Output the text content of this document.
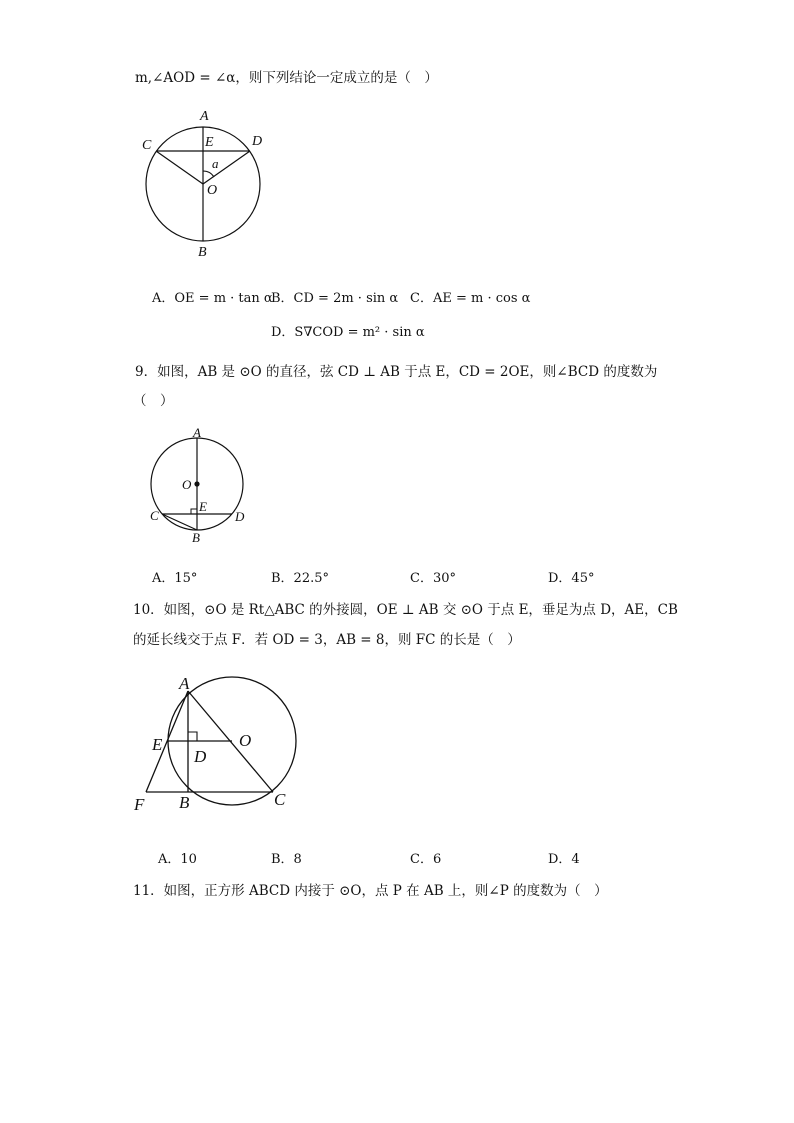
m,∠AOD = ∠α，则下列结论一定成立的是（　）
A
E
C	D
a
O
B
A．OE = m · tan α
B．CD = 2m · sin α C．AE = m · cos α
D．S∇COD = m² · sin α
9．如图，AB 是 ⊙O 的直径，弦 CD ⊥ AB 于点 E，CD = 2OE，则∠BCD 的度数为
（　）
A
O
E
C	D
B
A．15°	B．22.5°	C．30°	D．45°
10．如图，⊙O 是 Rt△ABC 的外接圆，OE ⊥ AB 交 ⊙O 于点 E，垂足为点 D，AE，CB
的延长线交于点 F．若 OD = 3，AB = 8，则 FC 的长是（　）
A
E
D
O
F B	C
A．10	B．8	C．6	D．4
11．如图，正方形 ABCD 内接于 ⊙O，点 P 在 AB 上，则∠P 的度数为（　）
